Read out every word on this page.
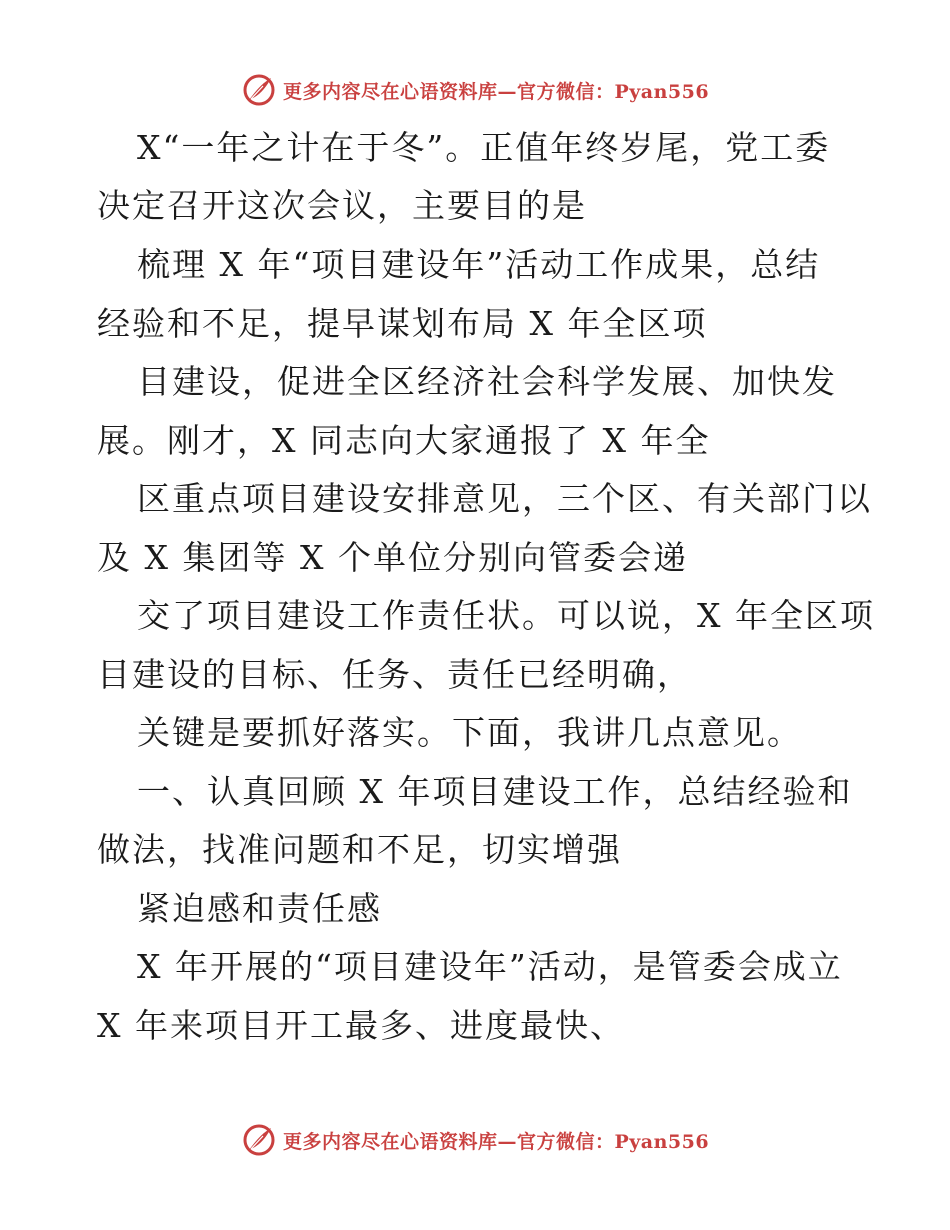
更多内容尽在心语资料库—官方微信：Pyan556
X“一年之计在于冬”。正值年终岁尾，党工委
决定召开这次会议，主要目的是
梳理 X 年“项目建设年”活动工作成果，总结
经验和不足，提早谋划布局 X 年全区项
目建设，促进全区经济社会科学发展、加快发
展。刚才，X 同志向大家通报了 X 年全
区重点项目建设安排意见，三个区、有关部门以
及 X 集团等 X 个单位分别向管委会递
交了项目建设工作责任状。可以说，X 年全区项
目建设的目标、任务、责任已经明确，
关键是要抓好落实。下面，我讲几点意见。
一、认真回顾 X 年项目建设工作，总结经验和
做法，找准问题和不足，切实增强
紧迫感和责任感
X 年开展的“项目建设年”活动，是管委会成立
X 年来项目开工最多、进度最快、
更多内容尽在心语资料库—官方微信：Pyan556
